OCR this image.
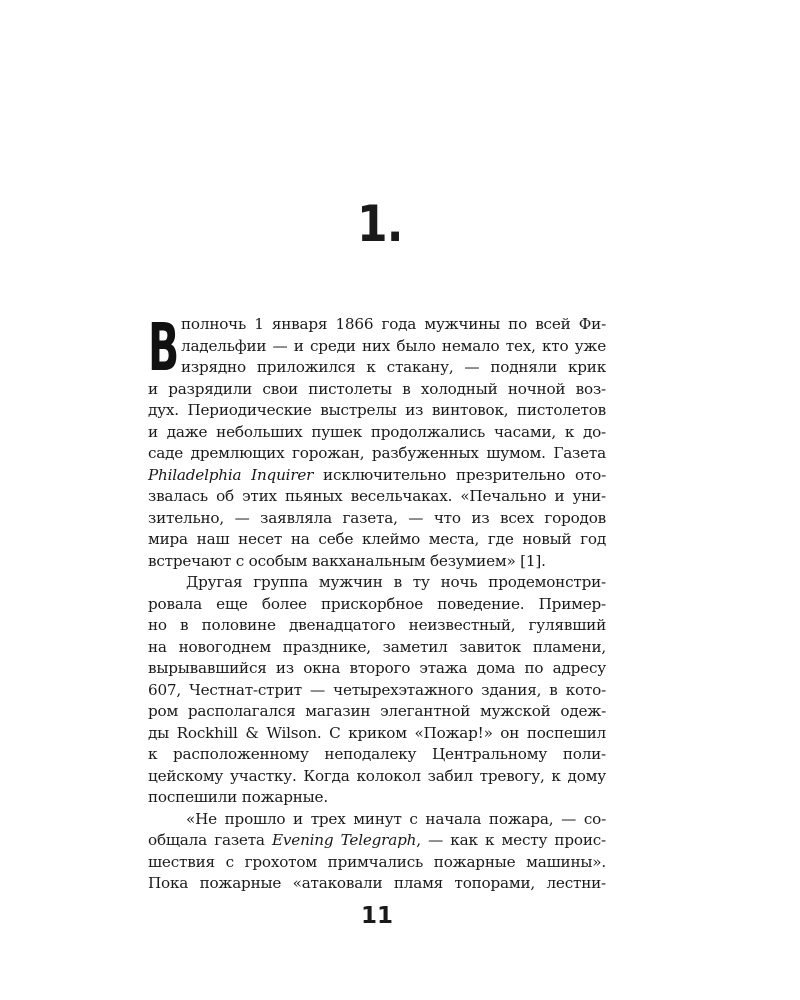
1.
В полночь 1 января 1866 года мужчины по всей Фи-
ладельфии — и среди них было немало тех, кто уже
изрядно приложился к стакану, — подняли крик
и разрядили свои пистолеты в холодный ночной воз-
дух. Периодические выстрелы из винтовок, пистолетов
и даже небольших пушек продолжались часами, к до-
саде дремлющих горожан, разбуженных шумом. Газета
Philadelphia Inquirer исключительно презрительно ото-
звалась об этих пьяных весельчаках. «Печально и уни-
зительно, — заявляла газета, — что из всех городов
мира наш несет на себе клеймо места, где новый год
встречают с особым вакханальным безумием» [1].
Другая группа мужчин в ту ночь продемонстри-
ровала еще более прискорбное поведение. Пример-
но в половине двенадцатого неизвестный, гулявший
на новогоднем празднике, заметил завиток пламени,
вырывавшийся из окна второго этажа дома по адресу
607, Честнат-стрит — четырехэтажного здания, в кото-
ром располагался магазин элегантной мужской одеж-
ды Rockhill & Wilson. С криком «Пожар!» он поспешил
к расположенному неподалеку Центральному поли-
цейскому участку. Когда колокол забил тревогу, к дому
поспешили пожарные.
«Не прошло и трех минут с начала пожара, — со-
общала газета Evening Telegraph, — как к месту проис-
шествия с грохотом примчались пожарные машины».
Пока пожарные «атаковали пламя топорами, лестни-
11
